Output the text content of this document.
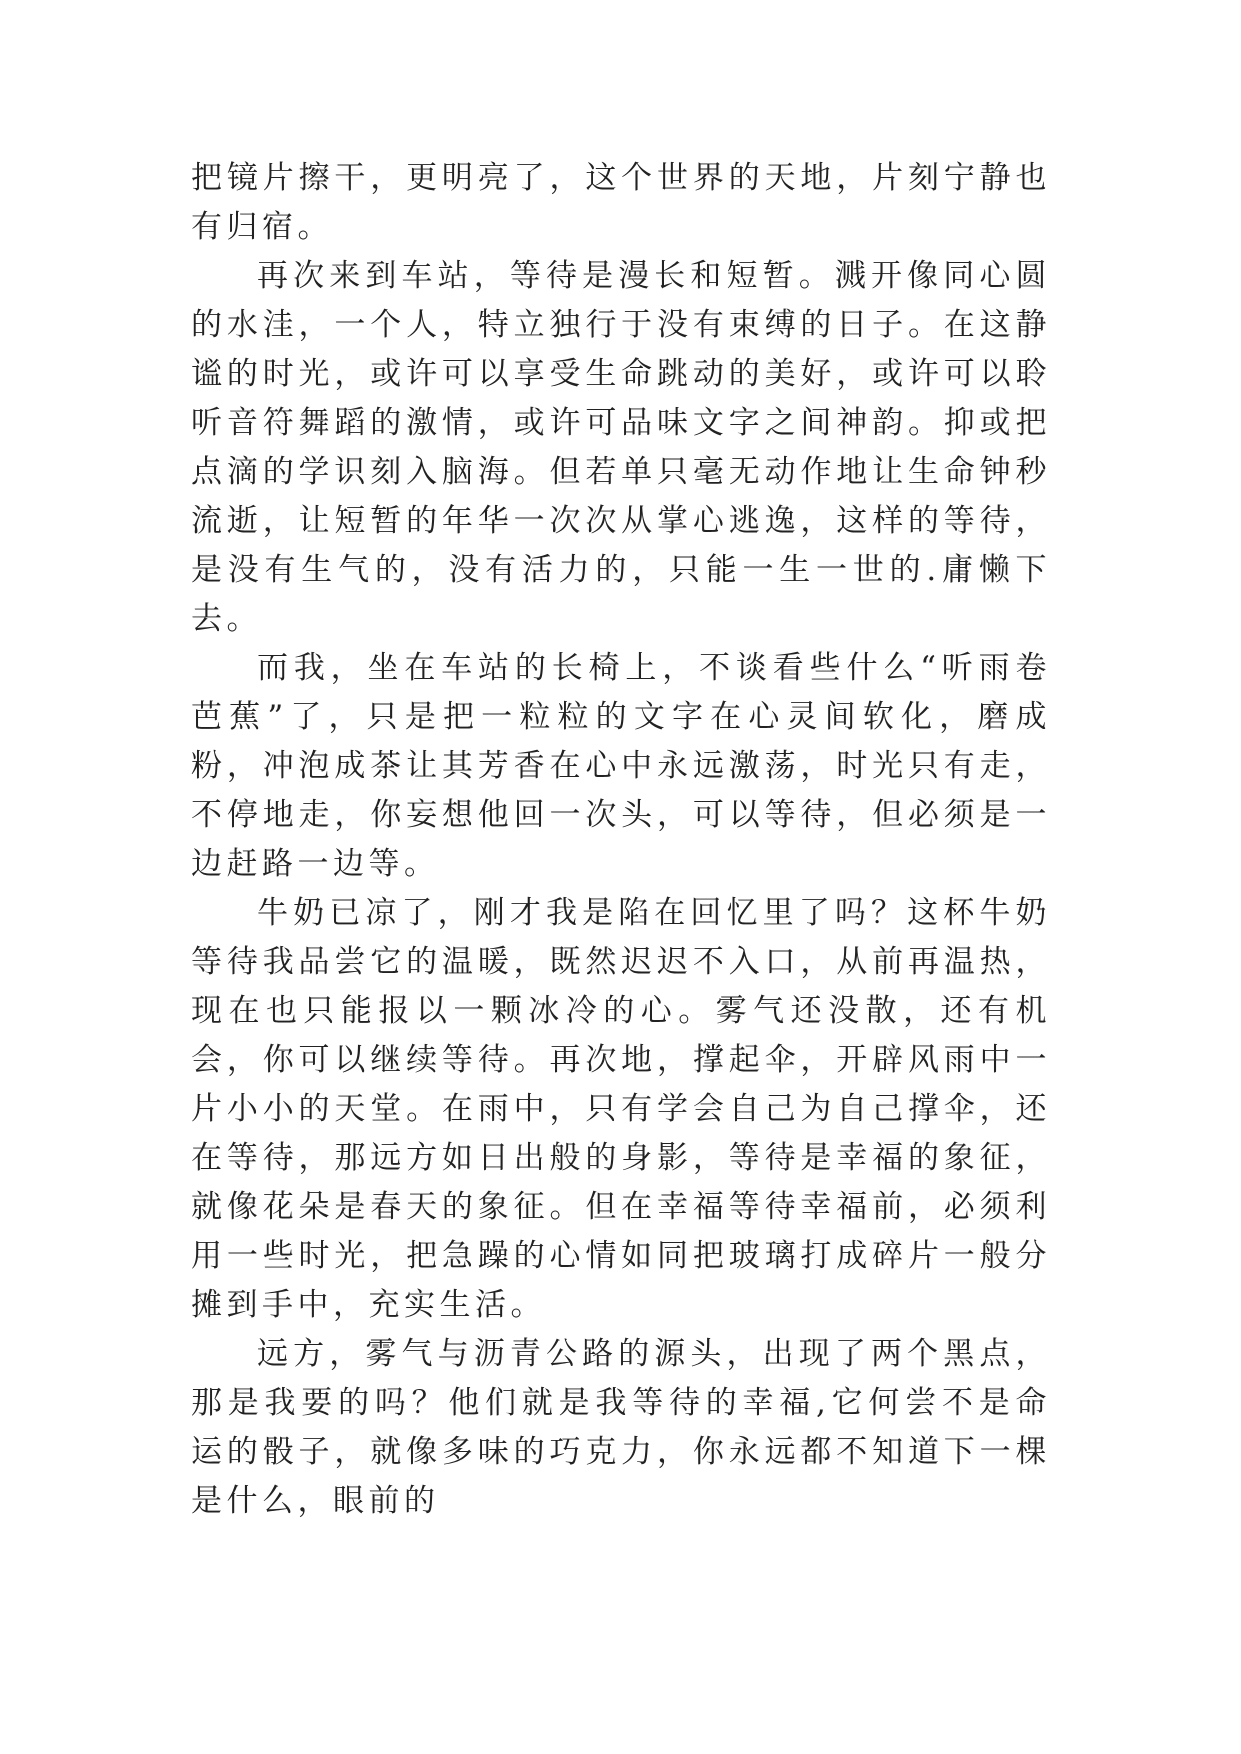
把镜片擦干，更明亮了，这个世界的天地，片刻宁静也有归宿。

再次来到车站，等待是漫长和短暂。溅开像同心圆的水洼，一个人，特立独行于没有束缚的日子。在这静谧的时光，或许可以享受生命跳动的美好，或许可以聆听音符舞蹈的激情，或许可品味文字之间神韵。抑或把点滴的学识刻入脑海。但若单只毫无动作地让生命钟秒流逝，让短暂的年华一次次从掌心逃逸，这样的等待，是没有生气的，没有活力的，只能一生一世的.庸懒下去。

而我，坐在车站的长椅上，不谈看些什么“听雨卷芭蕉”了，只是把一粒粒的文字在心灵间软化，磨成粉，冲泡成茶让其芳香在心中永远激荡，时光只有走，不停地走，你妄想他回一次头，可以等待，但必须是一边赶路一边等。

牛奶已凉了，刚才我是陷在回忆里了吗？这杯牛奶等待我品尝它的温暖，既然迟迟不入口，从前再温热，现在也只能报以一颗冰冷的心。雾气还没散，还有机会，你可以继续等待。再次地，撑起伞，开辟风雨中一片小小的天堂。在雨中，只有学会自己为自己撑伞，还在等待，那远方如日出般的身影，等待是幸福的象征，就像花朵是春天的象征。但在幸福等待幸福前，必须利用一些时光，把急躁的心情如同把玻璃打成碎片一般分摊到手中，充实生活。

远方，雾气与沥青公路的源头，出现了两个黑点，那是我要的吗？他们就是我等待的幸福,它何尝不是命运的骰子，就像多味的巧克力，你永远都不知道下一棵是什么，眼前的
